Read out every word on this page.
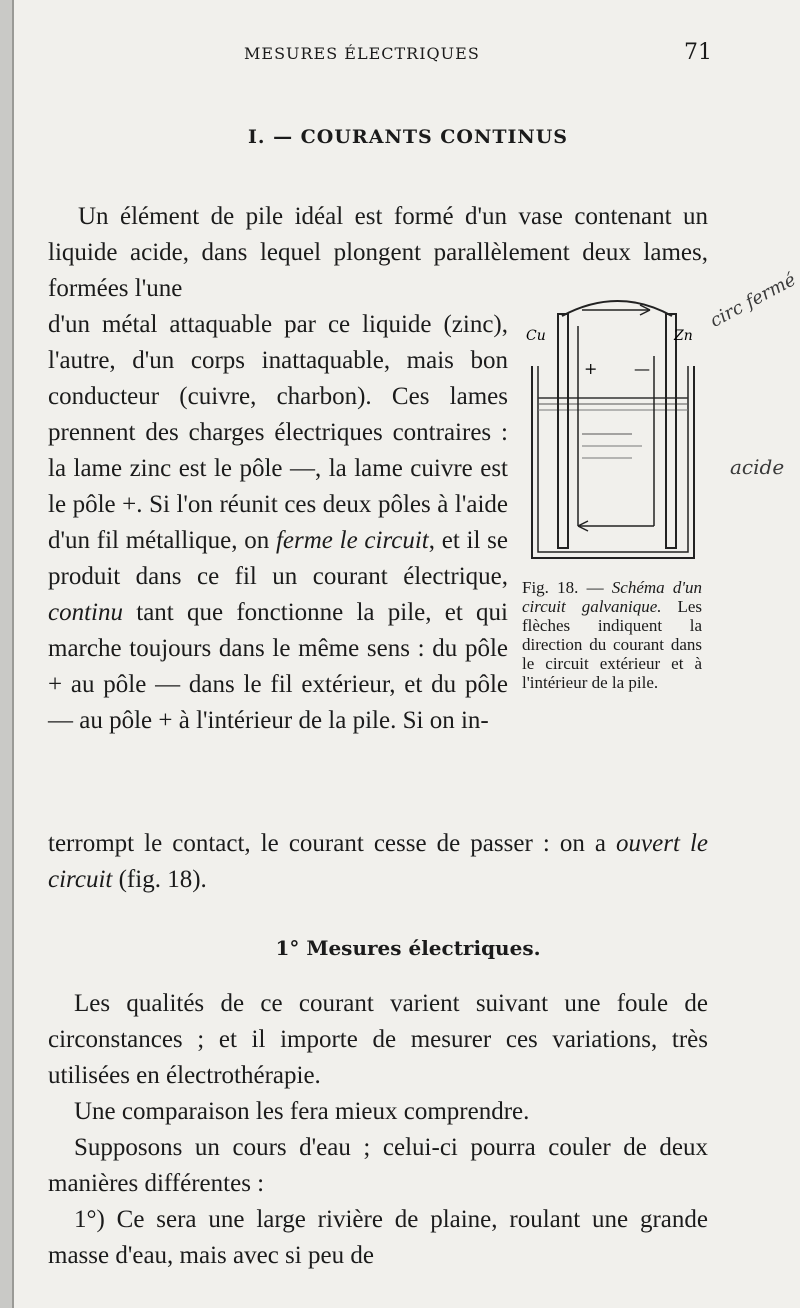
MESURES ÉLECTRIQUES	71
I. — COURANTS CONTINUS
Un élément de pile idéal est formé d'un vase contenant un liquide acide, dans lequel plongent parallèlement deux lames, formées l'une
d'un métal attaquable par ce liquide (zinc), l'autre, d'un corps inattaquable, mais bon conducteur (cuivre, charbon). Ces lames prennent des charges électriques contraires : la lame zinc est le pôle —, la lame cuivre est le pôle +. Si l'on réunit ces deux pôles à l'aide d'un fil métallique, on ferme le circuit, et il se produit dans ce fil un courant électrique, continu tant que fonctionne la pile, et qui marche toujours dans le même sens : du pôle + au pôle — dans le fil extérieur, et du pôle — au pôle + à l'intérieur de la pile. Si on in-
terrompt le contact, le courant cesse de passer : on a ouvert le circuit (fig. 18).
Cu	Zn
+ —
Fig. 18. — Schéma d'un circuit galvanique. Les flèches indiquent la direction du courant dans le circuit extérieur et à l'intérieur de la pile.
1° Mesures électriques.
Les qualités de ce courant varient suivant une foule de circonstances ; et il importe de mesurer ces variations, très utilisées en électrothérapie.
Une comparaison les fera mieux comprendre.
Supposons un cours d'eau ; celui-ci pourra couler de deux manières différentes :
1°) Ce sera une large rivière de plaine, roulant une grande masse d'eau, mais avec si peu de
circ fermé
acide
